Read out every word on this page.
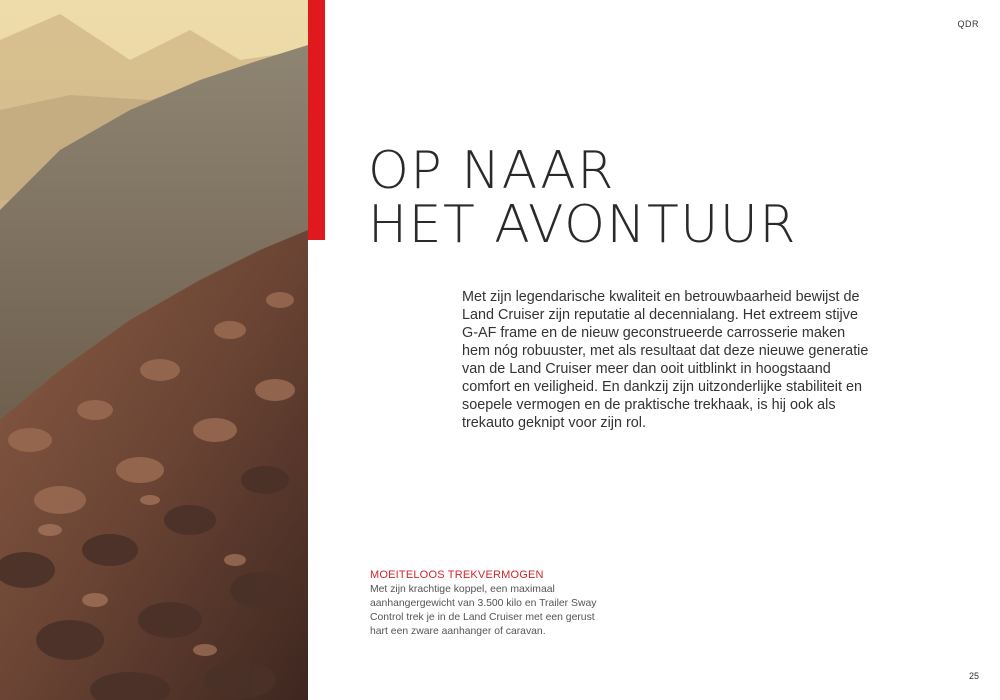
QDR
OP NAAR
HET AVONTUUR

Met zijn legendarische kwaliteit en betrouwbaarheid bewijst de Land Cruiser zijn reputatie al decennialang. Het extreem stijve G-AF frame en de nieuw geconstrueerde carrosserie maken hem nóg robuuster, met als resultaat dat deze nieuwe generatie van de Land Cruiser meer dan ooit uitblinkt in hoogstaand comfort en veiligheid. En dankzij zijn uitzonderlijke stabiliteit en soepele vermogen en de praktische trekhaak, is hij ook als trekauto geknipt voor zijn rol.

MOEITELOOS TREKVERMOGEN

Met zijn krachtige koppel, een maximaal aanhangergewicht van 3.500 kilo en Trailer Sway Control trek je in de Land Cruiser met een gerust hart een zware aanhanger of caravan.

25
